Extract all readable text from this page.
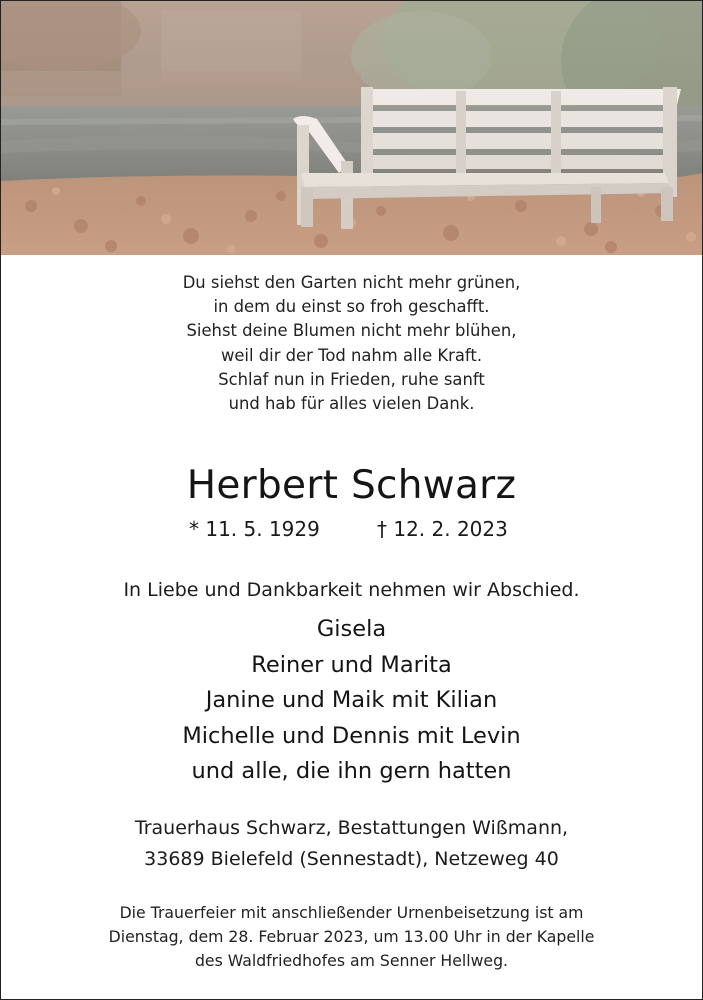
Du siehst den Garten nicht mehr grünen,
in dem du einst so froh geschafft.
Siehst deine Blumen nicht mehr blühen,
weil dir der Tod nahm alle Kraft.
Schlaf nun in Frieden, ruhe sanft
und hab für alles vielen Dank.
Herbert Schwarz
* 11. 5. 1929	† 12. 2. 2023
In Liebe und Dankbarkeit nehmen wir Abschied.
Gisela
Reiner und Marita
Janine und Maik mit Kilian
Michelle und Dennis mit Levin
und alle, die ihn gern hatten
Trauerhaus Schwarz, Bestattungen Wißmann,
33689 Bielefeld (Sennestadt), Netzeweg 40
Die Trauerfeier mit anschließender Urnenbeisetzung ist am
Dienstag, dem 28. Februar 2023, um 13.00 Uhr in der Kapelle
des Waldfriedhofes am Senner Hellweg.
